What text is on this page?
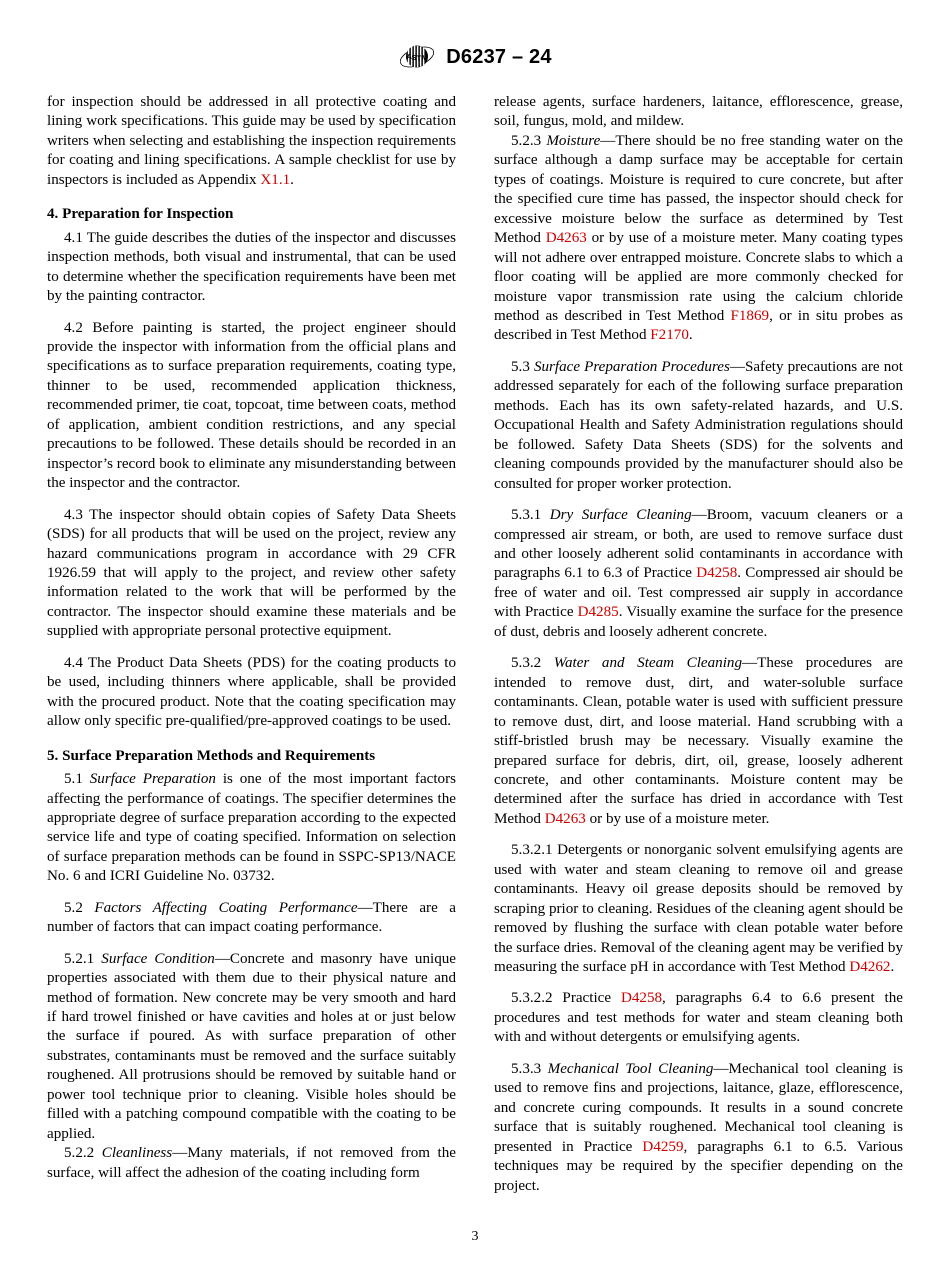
A S T M D6237 – 24

for inspection should be addressed in all protective coating and lining work specifications. This guide may be used by specification writers when selecting and establishing the inspection requirements for coating and lining specifications. A sample checklist for use by inspectors is included as Appendix X1.1.

4. Preparation for Inspection

4.1 The guide describes the duties of the inspector and discusses inspection methods, both visual and instrumental, that can be used to determine whether the specification requirements have been met by the painting contractor.

4.2 Before painting is started, the project engineer should provide the inspector with information from the official plans and specifications as to surface preparation requirements, coating type, thinner to be used, recommended application thickness, recommended primer, tie coat, topcoat, time between coats, method of application, ambient condition restrictions, and any special precautions to be followed. These details should be recorded in an inspector’s record book to eliminate any misunderstanding between the inspector and the contractor.

4.3 The inspector should obtain copies of Safety Data Sheets (SDS) for all products that will be used on the project, review any hazard communications program in accordance with 29 CFR 1926.59 that will apply to the project, and review other safety information related to the work that will be performed by the contractor. The inspector should examine these materials and be supplied with appropriate personal protective equipment.

4.4 The Product Data Sheets (PDS) for the coating products to be used, including thinners where applicable, shall be provided with the procured product. Note that the coating specification may allow only specific pre-qualified/pre-approved coatings to be used.

5. Surface Preparation Methods and Requirements

5.1 Surface Preparation is one of the most important factors affecting the performance of coatings. The specifier determines the appropriate degree of surface preparation according to the expected service life and type of coating specified. Information on selection of surface preparation methods can be found in SSPC-SP13/NACE No. 6 and ICRI Guideline No. 03732.

5.2 Factors Affecting Coating Performance—There are a number of factors that can impact coating performance.

5.2.1 Surface Condition—Concrete and masonry have unique properties associated with them due to their physical nature and method of formation. New concrete may be very smooth and hard if hard trowel finished or have cavities and holes at or just below the surface if poured. As with surface preparation of other substrates, contaminants must be removed and the surface suitably roughened. All protrusions should be removed by suitable hand or power tool technique prior to cleaning. Visible holes should be filled with a patching compound compatible with the coating to be applied.

5.2.2 Cleanliness—Many materials, if not removed from the surface, will affect the adhesion of the coating including form

release agents, surface hardeners, laitance, efflorescence, grease, soil, fungus, mold, and mildew.

5.2.3 Moisture—There should be no free standing water on the surface although a damp surface may be acceptable for certain types of coatings. Moisture is required to cure concrete, but after the specified cure time has passed, the inspector should check for excessive moisture below the surface as determined by Test Method D4263 or by use of a moisture meter. Many coating types will not adhere over entrapped moisture. Concrete slabs to which a floor coating will be applied are more commonly checked for moisture vapor transmission rate using the calcium chloride method as described in Test Method F1869, or in situ probes as described in Test Method F2170.

5.3 Surface Preparation Procedures—Safety precautions are not addressed separately for each of the following surface preparation methods. Each has its own safety-related hazards, and U.S. Occupational Health and Safety Administration regulations should be followed. Safety Data Sheets (SDS) for the solvents and cleaning compounds provided by the manufacturer should also be consulted for proper worker protection.

5.3.1 Dry Surface Cleaning—Broom, vacuum cleaners or a compressed air stream, or both, are used to remove surface dust and other loosely adherent solid contaminants in accordance with paragraphs 6.1 to 6.3 of Practice D4258. Compressed air should be free of water and oil. Test compressed air supply in accordance with Practice D4285. Visually examine the surface for the presence of dust, debris and loosely adherent concrete.

5.3.2 Water and Steam Cleaning—These procedures are intended to remove dust, dirt, and water-soluble surface contaminants. Clean, potable water is used with sufficient pressure to remove dust, dirt, and loose material. Hand scrubbing with a stiff-bristled brush may be necessary. Visually examine the prepared surface for debris, dirt, oil, grease, loosely adherent concrete, and other contaminants. Moisture content may be determined after the surface has dried in accordance with Test Method D4263 or by use of a moisture meter.

5.3.2.1 Detergents or nonorganic solvent emulsifying agents are used with water and steam cleaning to remove oil and grease contaminants. Heavy oil grease deposits should be removed by scraping prior to cleaning. Residues of the cleaning agent should be removed by flushing the surface with clean potable water before the surface dries. Removal of the cleaning agent may be verified by measuring the surface pH in accordance with Test Method D4262.

5.3.2.2 Practice D4258, paragraphs 6.4 to 6.6 present the procedures and test methods for water and steam cleaning both with and without detergents or emulsifying agents.

5.3.3 Mechanical Tool Cleaning—Mechanical tool cleaning is used to remove fins and projections, laitance, glaze, efflorescence, and concrete curing compounds. It results in a sound concrete surface that is suitably roughened. Mechanical tool cleaning is presented in Practice D4259, paragraphs 6.1 to 6.5. Various techniques may be required by the specifier depending on the project.

3
